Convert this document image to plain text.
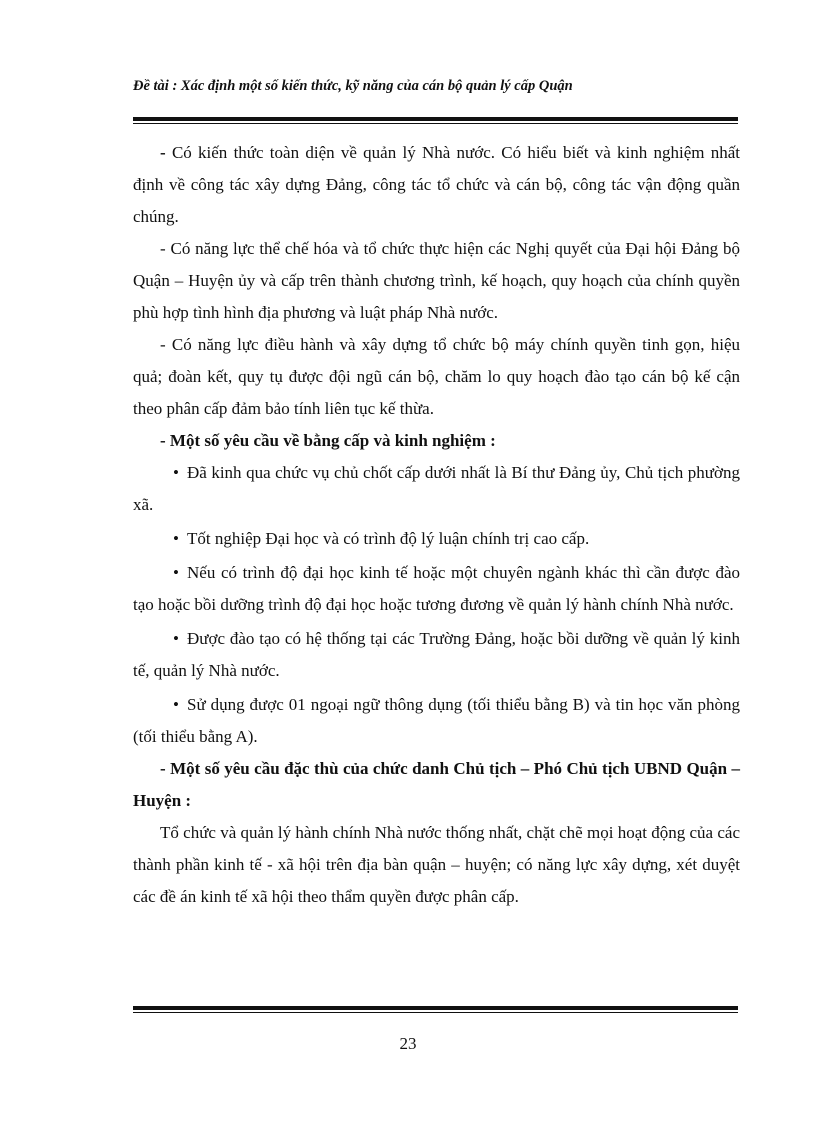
Đề tài : Xác định một số kiến thức, kỹ năng của cán bộ quản lý cấp Quận

- Có kiến thức toàn diện về quản lý Nhà nước. Có hiểu biết và kinh nghiệm nhất định về công tác xây dựng Đảng, công tác tổ chức và cán bộ, công tác vận động quần chúng.

- Có năng lực thể chế hóa và tổ chức thực hiện các Nghị quyết của Đại hội Đảng bộ Quận – Huyện ủy và cấp trên thành chương trình, kế hoạch, quy hoạch của chính quyền phù hợp tình hình địa phương và luật pháp Nhà nước.

- Có năng lực điều hành và xây dựng tổ chức bộ máy chính quyền tinh gọn, hiệu quả; đoàn kết, quy tụ được đội ngũ cán bộ, chăm lo quy hoạch đào tạo cán bộ kế cận theo phân cấp đảm bảo tính liên tục kế thừa.

- Một số yêu cầu về bằng cấp và kinh nghiệm :

• Đã kinh qua chức vụ chủ chốt cấp dưới nhất là Bí thư Đảng ủy, Chủ tịch phường xã.

• Tốt nghiệp Đại học và có trình độ lý luận chính trị cao cấp.

• Nếu có trình độ đại học kinh tế hoặc một chuyên ngành khác thì cần được đào tạo hoặc bồi dưỡng trình độ đại học hoặc tương đương về quản lý hành chính Nhà nước.

• Được đào tạo có hệ thống tại các Trường Đảng, hoặc bồi dưỡng về quản lý kinh tế, quản lý Nhà nước.

• Sử dụng được 01 ngoại ngữ thông dụng (tối thiểu bằng B) và tin học văn phòng (tối thiểu bằng A).

- Một số yêu cầu đặc thù của chức danh Chủ tịch – Phó Chủ tịch UBND Quận – Huyện :

Tổ chức và quản lý hành chính Nhà nước thống nhất, chặt chẽ mọi hoạt động của các thành phần kinh tế - xã hội trên địa bàn quận – huyện; có năng lực xây dựng, xét duyệt các đề án kinh tế xã hội theo thẩm quyền được phân cấp.

23
